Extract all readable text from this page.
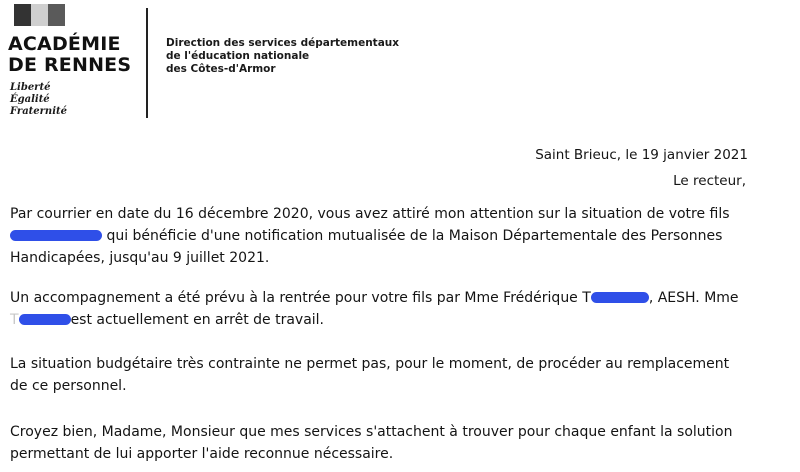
ACADÉMIE
DE RENNES
Liberté
Égalité
Fraternité
Direction des services départementaux
de l'éducation nationale
des Côtes-d'Armor
Saint Brieuc, le 19 janvier 2021
Le recteur,
Par courrier en date du 16 décembre 2020, vous avez attiré mon attention sur la situation de votre fils
qui bénéficie d'une notification mutualisée de la Maison Départementale des Personnes
Handicapées, jusqu'au 9 juillet 2021.
Un accompagnement a été prévu à la rentrée pour votre fils par Mme Frédérique T	, AESH. Mme
T	est actuellement en arrêt de travail.
La situation budgétaire très contrainte ne permet pas, pour le moment, de procéder au remplacement
de ce personnel.
Croyez bien, Madame, Monsieur que mes services s'attachent à trouver pour chaque enfant la solution
permettant de lui apporter l'aide reconnue nécessaire.
